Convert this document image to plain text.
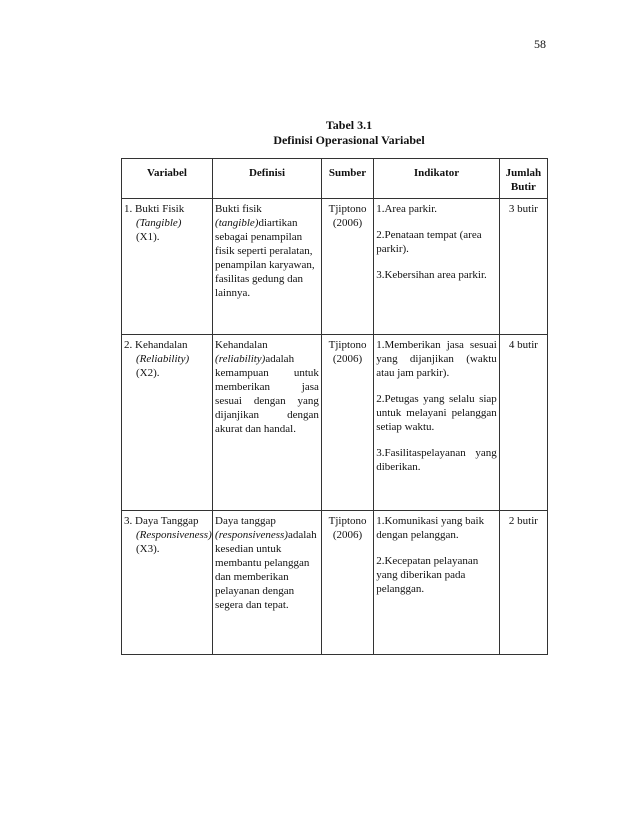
58
Tabel 3.1
Definisi Operasional Variabel
Variabel	Definisi	Sumber	Indikator	Jumlah Butir

1. Bukti Fisik
(Tangible)
(X1).	Bukti fisik (tangible)diartikan sebagai penampilan fisik seperti peralatan, penampilan karyawan, fasilitas gedung dan lainnya.	Tjiptono (2006)	1.Area parkir.
2.Penataan tempat (area parkir).
3.Kebersihan area parkir.	3 butir

2. Kehandalan
(Reliability)
(X2).	Kehandalan (reliability)adalah kemampuan untuk memberikan jasa sesuai dengan yang dijanjikan dengan akurat dan handal.	Tjiptono (2006)	1.Memberikan jasa sesuai yang dijanjikan (waktu atau jam parkir).
2.Petugas yang selalu siap untuk melayani pelanggan setiap waktu.
3.Fasilitaspelayanan yang diberikan.	4 butir

3. Daya Tanggap
(Responsiveness)
(X3).	Daya tanggap (responsiveness)adalah kesedian untuk membantu pelanggan dan memberikan pelayanan dengan segera dan tepat.	Tjiptono (2006)	1.Komunikasi yang baik dengan pelanggan.
2.Kecepatan pelayanan yang diberikan pada pelanggan.	2 butir
